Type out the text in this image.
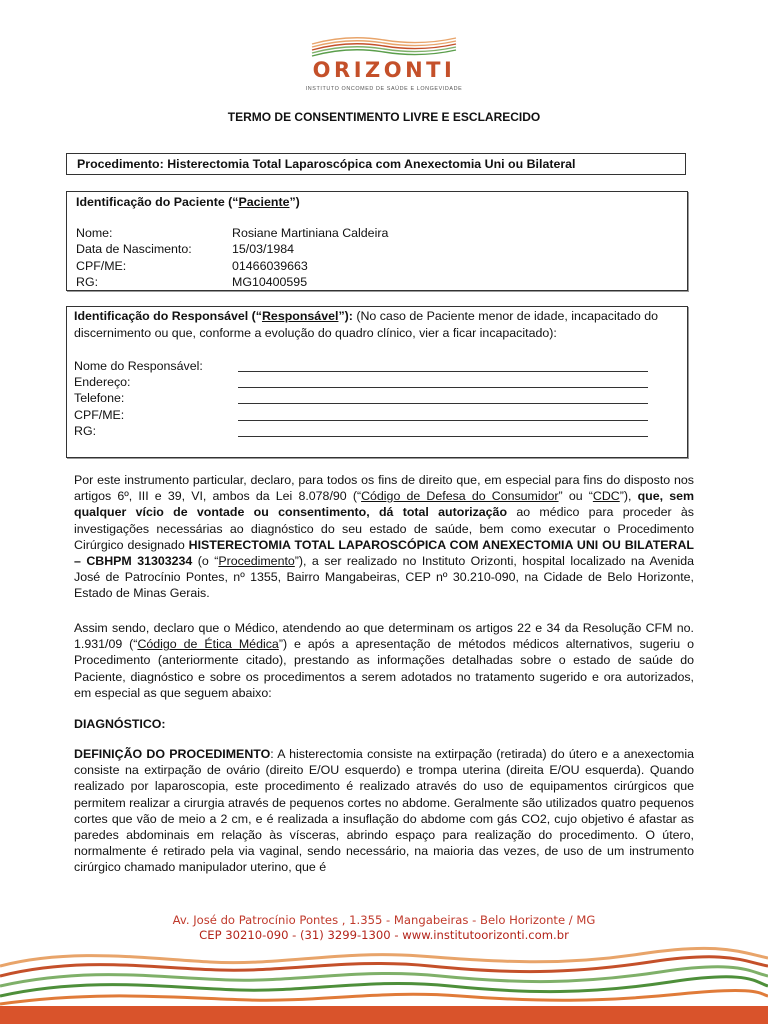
ORIZONTI
INSTITUTO ONCOMED DE SAÚDE E LONGEVIDADE
TERMO DE CONSENTIMENTO LIVRE E ESCLARECIDO
Procedimento: Histerectomia Total Laparoscópica com Anexectomia Uni ou Bilateral
Identificação do Paciente (“Paciente”)
Nome:	Rosiane Martiniana Caldeira
Data de Nascimento:	15/03/1984
CPF/ME:	01466039663
RG:	MG10400595
Identificação do Responsável (“Responsável”): (No caso de Paciente menor de idade, incapacitado do
discernimento ou que, conforme a evolução do quadro clínico, vier a ficar incapacitado):
Nome do Responsável:
Endereço:
Telefone:
CPF/ME:
RG:
Por este instrumento particular, declaro, para todos os fins de direito que, em especial para fins do disposto nos artigos 6º, III e 39, VI, ambos da Lei 8.078/90 (“Código de Defesa do Consumidor” ou “CDC”), que, sem qualquer vício de vontade ou consentimento, dá total autorização ao médico para proceder às investigações necessárias ao diagnóstico do seu estado de saúde, bem como executar o Procedimento Cirúrgico designado HISTERECTOMIA TOTAL LAPAROSCÓPICA COM ANEXECTOMIA UNI OU BILATERAL – CBHPM 31303234 (o “Procedimento”), a ser realizado no Instituto Orizonti, hospital localizado na Avenida José de Patrocínio Pontes, nº 1355, Bairro Mangabeiras, CEP nº 30.210-090, na Cidade de Belo Horizonte, Estado de Minas Gerais.
Assim sendo, declaro que o Médico, atendendo ao que determinam os artigos 22 e 34 da Resolução CFM no. 1.931/09 (“Código de Ética Médica”) e após a apresentação de métodos médicos alternativos, sugeriu o Procedimento (anteriormente citado), prestando as informações detalhadas sobre o estado de saúde do Paciente, diagnóstico e sobre os procedimentos a serem adotados no tratamento sugerido e ora autorizados, em especial as que seguem abaixo:
DIAGNÓSTICO:
DEFINIÇÃO DO PROCEDIMENTO: A histerectomia consiste na extirpação (retirada) do útero e a anexectomia consiste na extirpação de ovário (direito E/OU esquerdo) e trompa uterina (direita E/OU esquerda). Quando realizado por laparoscopia, este procedimento é realizado através do uso de equipamentos cirúrgicos que permitem realizar a cirurgia através de pequenos cortes no abdome. Geralmente são utilizados quatro pequenos cortes que vão de meio a 2 cm, e é realizada a insuflação do abdome com gás CO2, cujo objetivo é afastar as paredes abdominais em relação às vísceras, abrindo espaço para realização do procedimento. O útero, normalmente é retirado pela via vaginal, sendo necessário, na maioria das vezes, de uso de um instrumento cirúrgico chamado manipulador uterino, que é
Av. José do Patrocínio Pontes , 1.355 - Mangabeiras - Belo Horizonte / MG
CEP 30210-090 - (31) 3299-1300 - www.institutoorizonti.com.br
